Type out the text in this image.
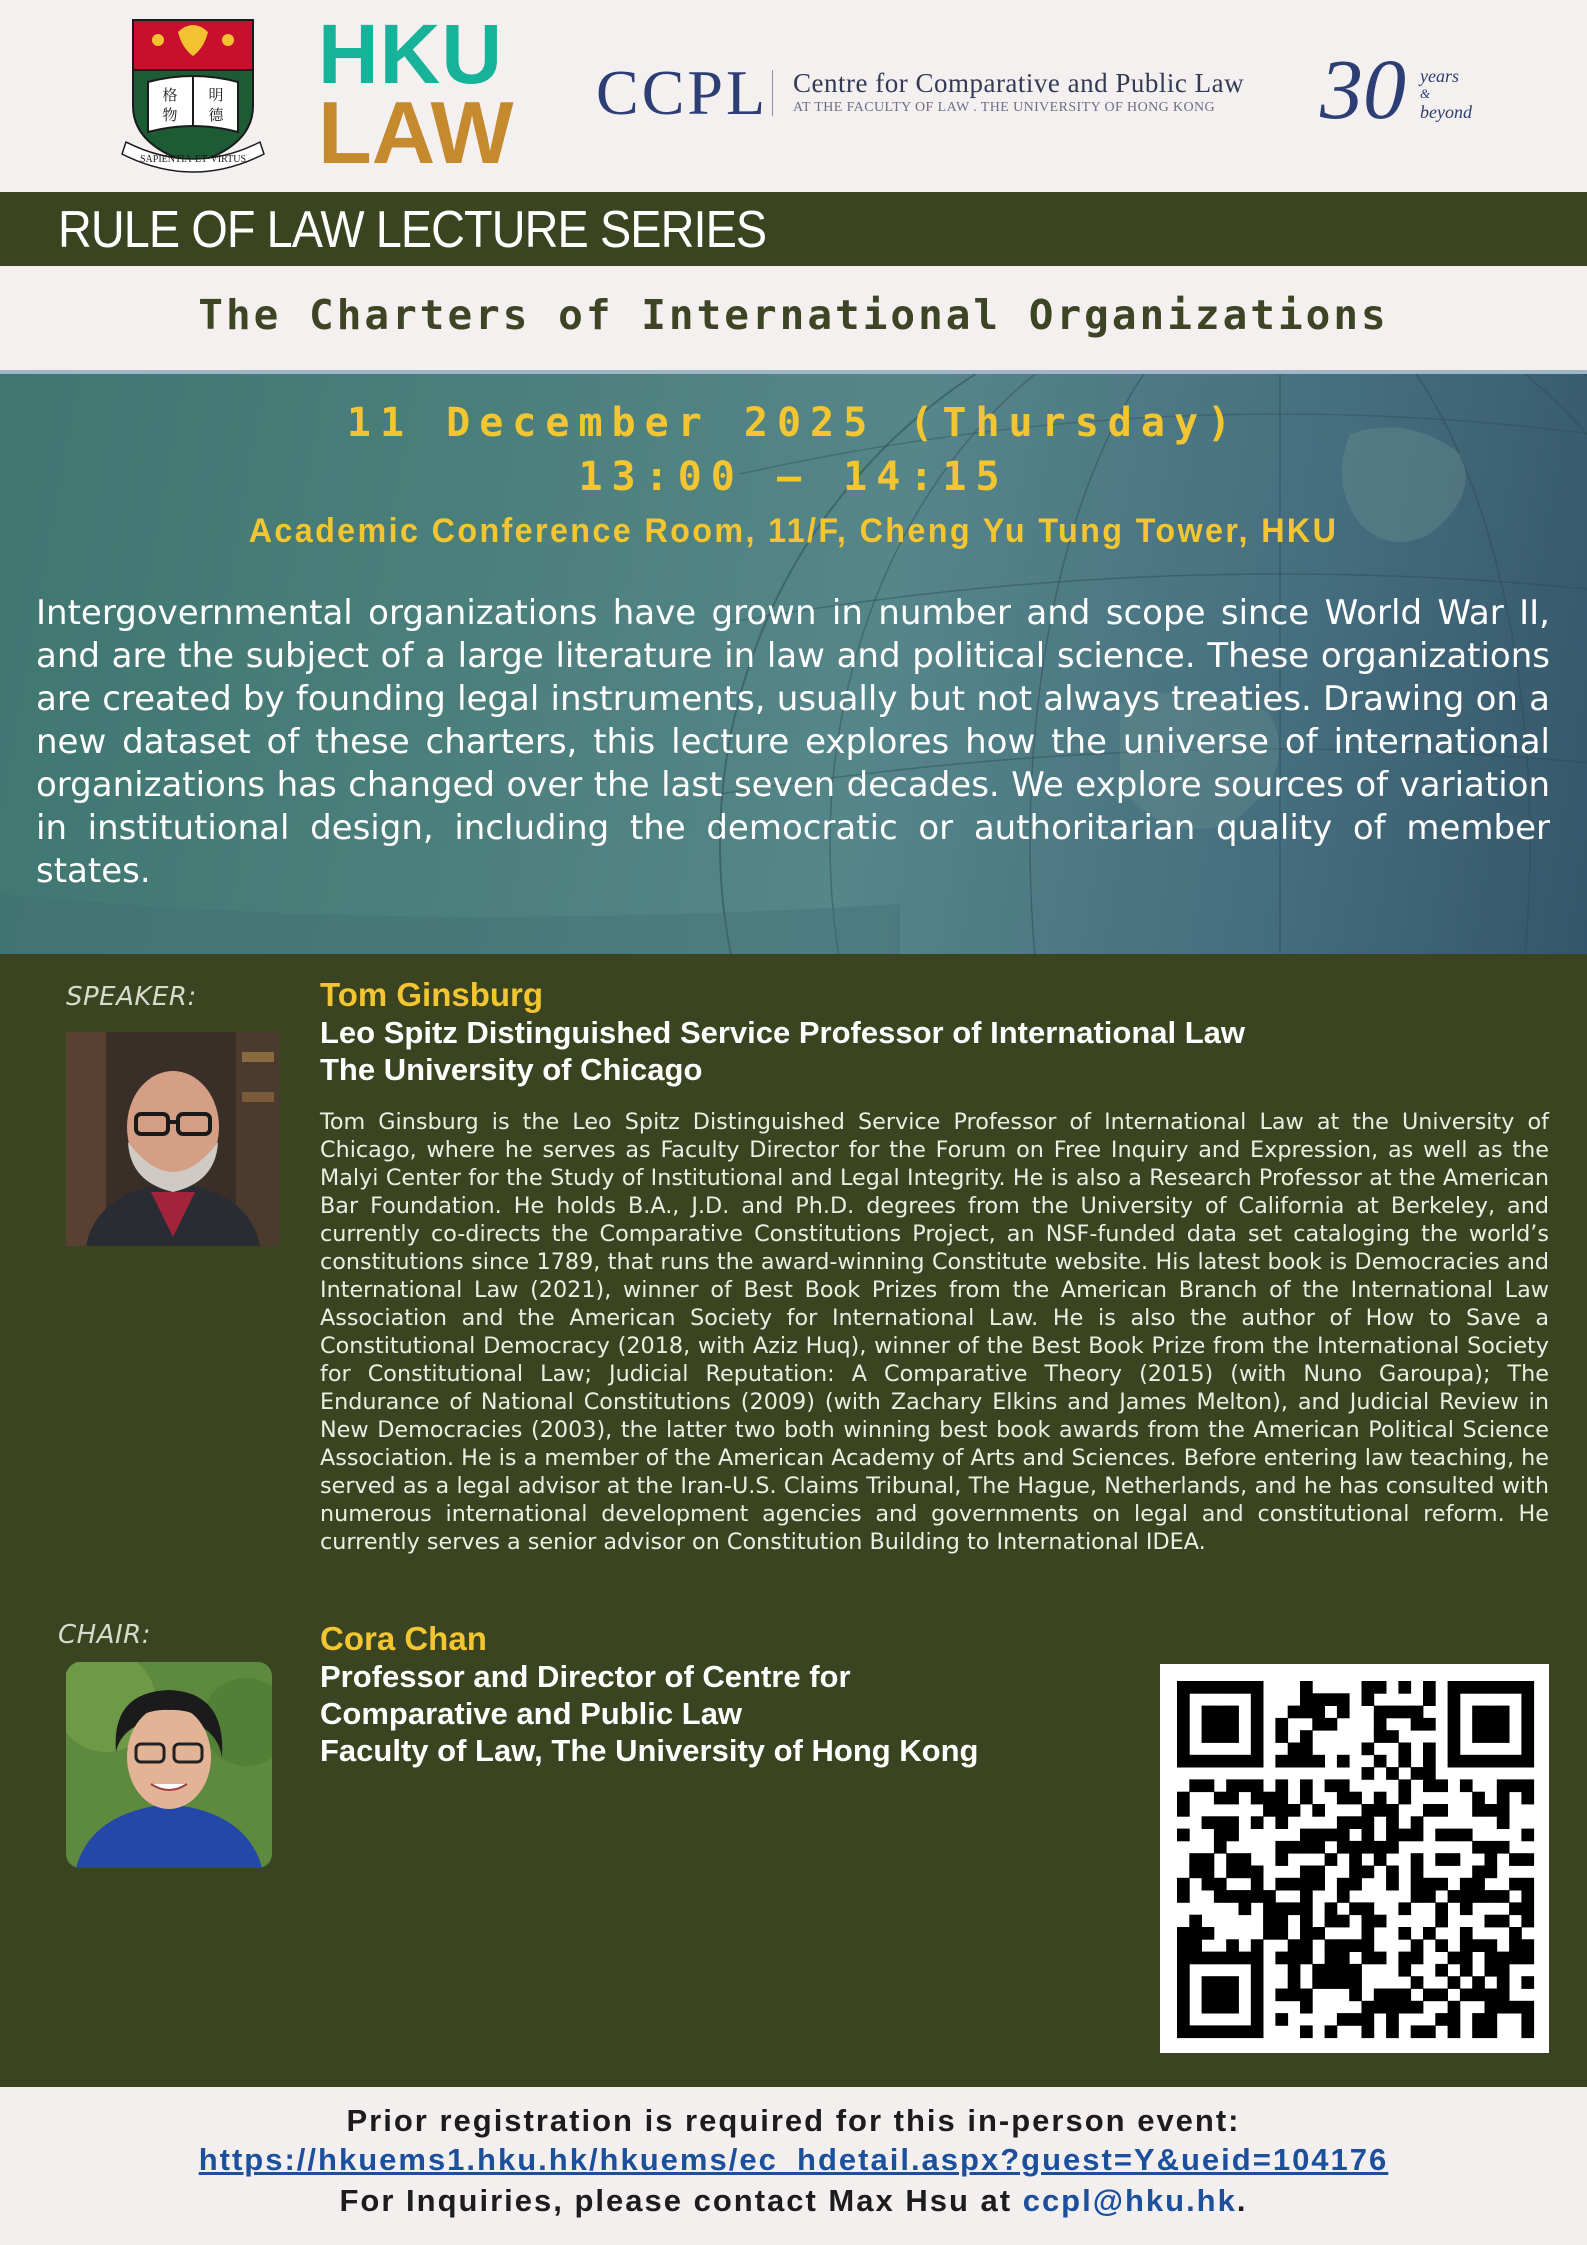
格 明
物 德
SAPIENTIA·ET·VIRTUS
HKU
LAW CCPL Centre for Comparative and Public Law
AT THE FACULTY OF LAW . THE UNIVERSITY OF HONG KONG 30 years
&
beyond
RULE OF LAW LECTURE SERIES
The Charters of International Organizations
11 December 2025 (Thursday)
13:00 – 14:15
Academic Conference Room, 11/F, Cheng Yu Tung Tower, HKU
Intergovernmental organizations have grown in number and scope since World War II, and are the subject of a large literature in law and political science. These organizations are created by founding legal instruments, usually but not always treaties. Drawing on a new dataset of these charters, this lecture explores how the universe of international organizations has changed over the last seven decades. We explore sources of variation in institutional design, including the democratic or authoritarian quality of member states.
SPEAKER:	Tom Ginsburg
Leo Spitz Distinguished Service Professor of International Law
The University of Chicago
Tom Ginsburg is the Leo Spitz Distinguished Service Professor of International Law at the University of Chicago, where he serves as Faculty Director for the Forum on Free Inquiry and Expression, as well as the Malyi Center for the Study of Institutional and Legal Integrity. He is also a Research Professor at the American Bar Foundation. He holds B.A., J.D. and Ph.D. degrees from the University of California at Berkeley, and currently co-directs the Comparative Constitutions Project, an NSF-funded data set cataloging the world’s constitutions since 1789, that runs the award-winning Constitute website. His latest book is Democracies and International Law (2021), winner of Best Book Prizes from the American Branch of the International Law Association and the American Society for International Law. He is also the author of How to Save a Constitutional Democracy (2018, with Aziz Huq), winner of the Best Book Prize from the International Society for Constitutional Law; Judicial Reputation: A Comparative Theory (2015) (with Nuno Garoupa); The Endurance of National Constitutions (2009) (with Zachary Elkins and James Melton), and Judicial Review in New Democracies (2003), the latter two both winning best book awards from the American Political Science Association. He is a member of the American Academy of Arts and Sciences. Before entering law teaching, he served as a legal advisor at the Iran-U.S. Claims Tribunal, The Hague, Netherlands, and he has consulted with numerous international development agencies and governments on legal and constitutional reform. He currently serves a senior advisor on Constitution Building to International IDEA.
CHAIR:	Cora Chan
Professor and Director of Centre for
Comparative and Public Law
Faculty of Law, The University of Hong Kong
Prior registration is required for this in-person event:
https://hkuems1.hku.hk/hkuems/ec_hdetail.aspx?guest=Y&ueid=104176
For Inquiries, please contact Max Hsu at ccpl@hku.hk.
